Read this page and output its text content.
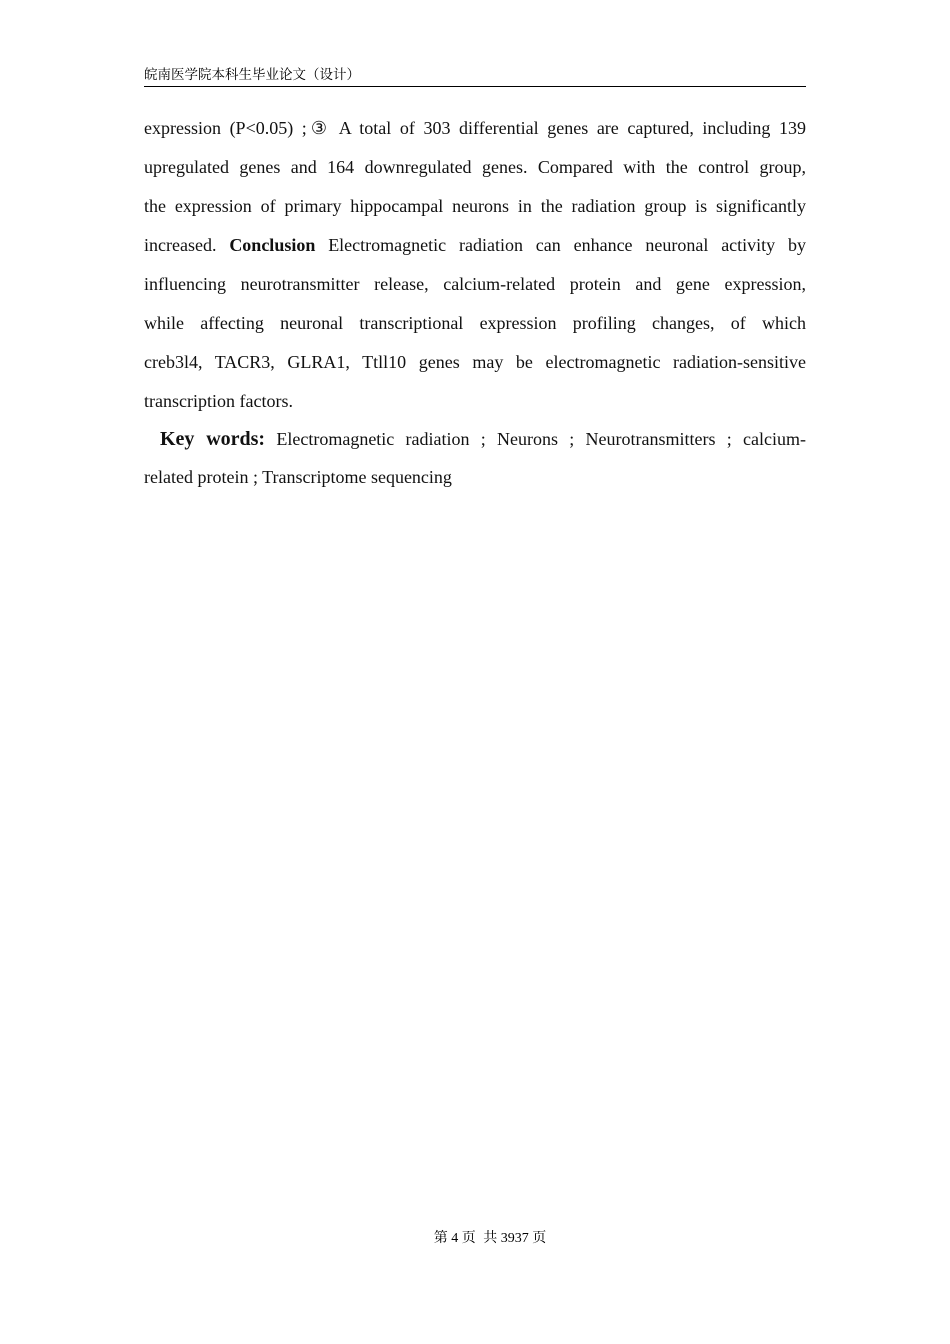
皖南医学院本科生毕业论文（设计）
expression (P<0.05) ;③ A total of 303 differential genes are captured, including 139
upregulated genes and 164 downregulated genes. Compared with the control group,
the expression of primary hippocampal neurons in the radiation group is significantly
increased. Conclusion Electromagnetic radiation can enhance neuronal activity by
influencing neurotransmitter release, calcium-related protein and gene expression,
while affecting neuronal transcriptional expression profiling changes, of which
creb3l4, TACR3, GLRA1, Ttll10 genes may be electromagnetic radiation-sensitive
transcription factors.
Key words: Electromagnetic radiation ; Neurons ; Neurotransmitters ; calcium-
related protein ; Transcriptome sequencing
第 4 页 共 3937 页
